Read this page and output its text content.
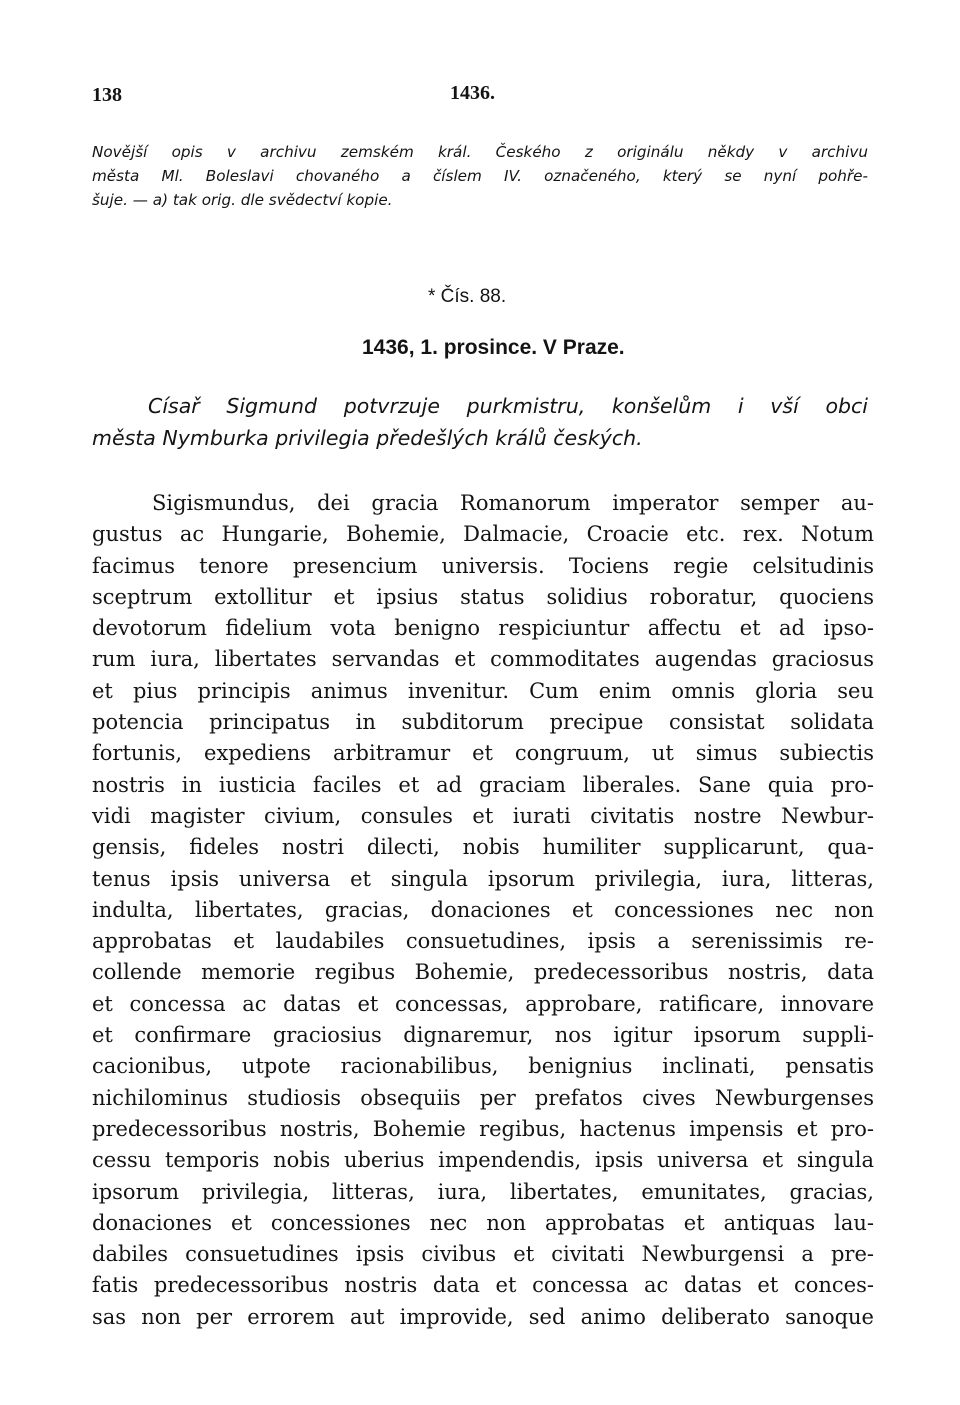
138	1436.

Novější opis v archivu zemském král. Českého z originálu někdy v archivu
města Ml. Boleslavi chovaného a číslem IV. označeného, který se nyní pohře-
šuje. — a) tak orig. dle svědectví kopie.

* Čís. 88.

1436, 1. prosince. V Praze.

Císař Sigmund potvrzuje purkmistru, konšelům i vší obci
města Nymburka privilegia předešlých králů českých.

Sigismundus, dei gracia Romanorum imperator semper au-
gustus ac Hungarie, Bohemie, Dalmacie, Croacie etc. rex. Notum
facimus tenore presencium universis. Tociens regie celsitudinis
sceptrum extollitur et ipsius status solidius roboratur, quociens
devotorum fidelium vota benigno respiciuntur affectu et ad ipso-
rum iura, libertates servandas et commoditates augendas graciosus
et pius principis animus invenitur. Cum enim omnis gloria seu
potencia principatus in subditorum precipue consistat solidata
fortunis, expediens arbitramur et congruum, ut simus subiectis
nostris in iusticia faciles et ad graciam liberales. Sane quia pro-
vidi magister civium, consules et iurati civitatis nostre Newbur-
gensis, fideles nostri dilecti, nobis humiliter supplicarunt, qua-
tenus ipsis universa et singula ipsorum privilegia, iura, litteras,
indulta, libertates, gracias, donaciones et concessiones nec non
approbatas et laudabiles consuetudines, ipsis a serenissimis re-
collende memorie regibus Bohemie, predecessoribus nostris, data
et concessa ac datas et concessas, approbare, ratificare, innovare
et confirmare graciosius dignaremur, nos igitur ipsorum suppli-
cacionibus, utpote racionabilibus, benignius inclinati, pensatis
nichilominus studiosis obsequiis per prefatos cives Newburgenses
predecessoribus nostris, Bohemie regibus, hactenus impensis et pro-
cessu temporis nobis uberius impendendis, ipsis universa et singula
ipsorum privilegia, litteras, iura, libertates, emunitates, gracias,
donaciones et concessiones nec non approbatas et antiquas lau-
dabiles consuetudines ipsis civibus et civitati Newburgensi a pre-
fatis predecessoribus nostris data et concessa ac datas et conces-
sas non per errorem aut improvide, sed animo deliberato sanoque
